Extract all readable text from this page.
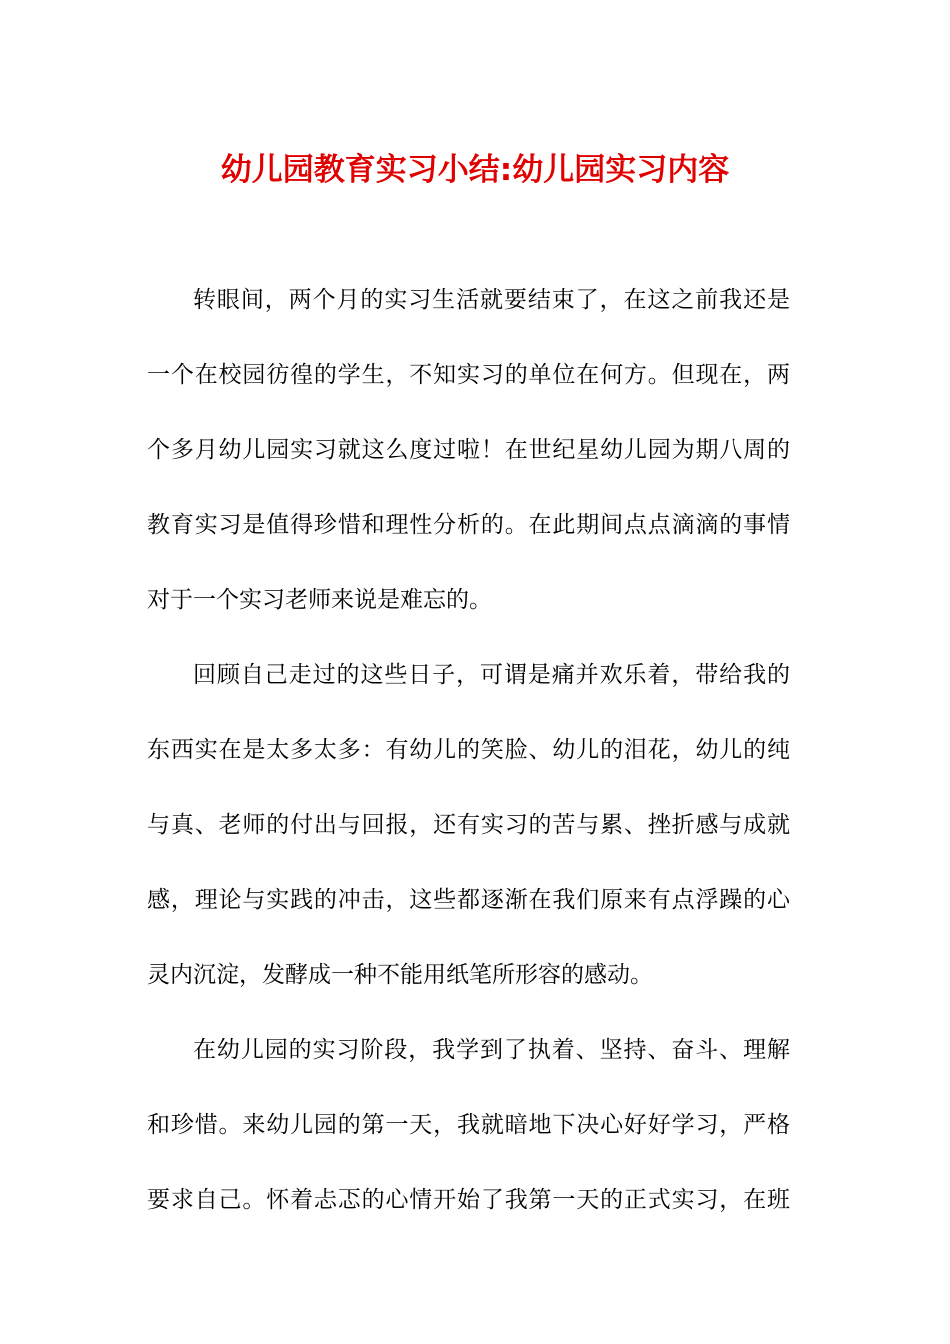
幼儿园教育实习小结:幼儿园实习内容
转眼间，两个月的实习生活就要结束了，在这之前我还是
一个在校园彷徨的学生，不知实习的单位在何方。但现在，两
个多月幼儿园实习就这么度过啦！在世纪星幼儿园为期八周的
教育实习是值得珍惜和理性分析的。在此期间点点滴滴的事情
对于一个实习老师来说是难忘的。
回顾自己走过的这些日子，可谓是痛并欢乐着，带给我的
东西实在是太多太多：有幼儿的笑脸、幼儿的泪花，幼儿的纯
与真、老师的付出与回报，还有实习的苦与累、挫折感与成就
感，理论与实践的冲击，这些都逐渐在我们原来有点浮躁的心
灵内沉淀，发酵成一种不能用纸笔所形容的感动。
在幼儿园的实习阶段，我学到了执着、坚持、奋斗、理解
和珍惜。来幼儿园的第一天，我就暗地下决心好好学习，严格
要求自己。怀着忐忑的心情开始了我第一天的正式实习，在班
